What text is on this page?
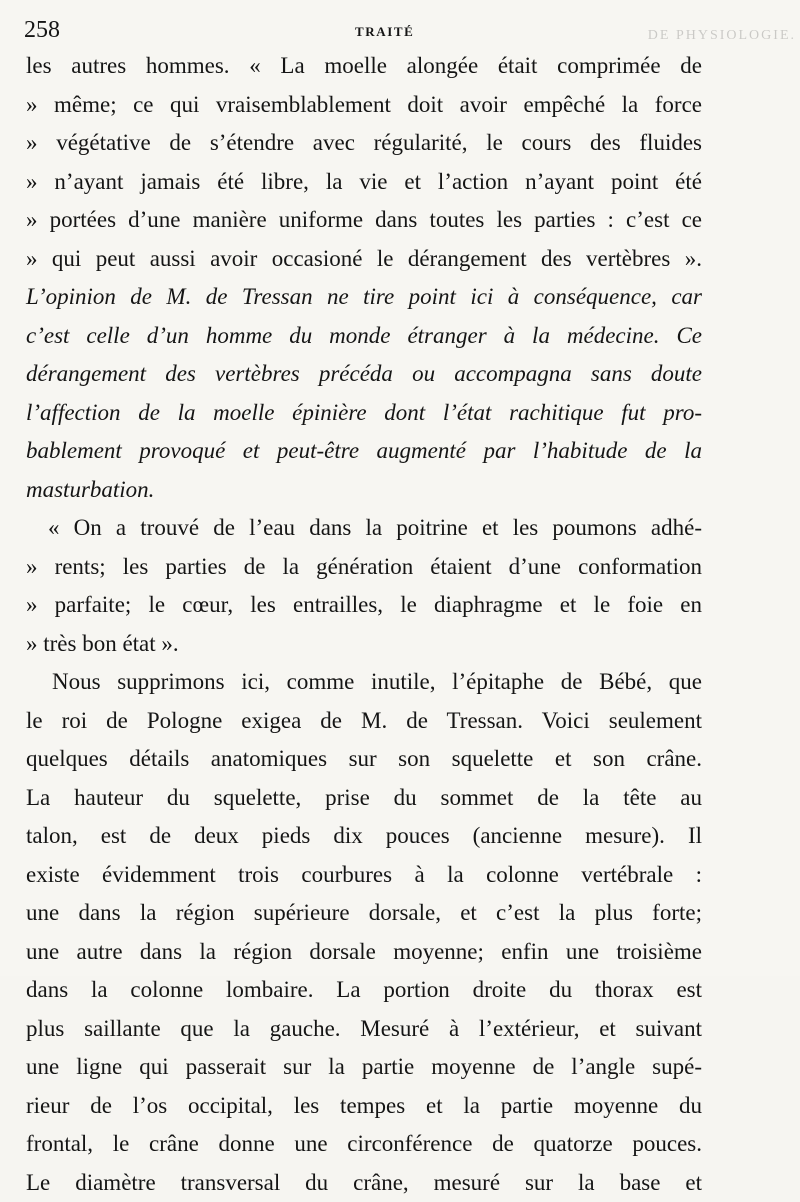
DE PHYSIOLOGIE.
258	TRAITÉ
les autres hommes. « La moelle alongée était comprimée de
» même; ce qui vraisemblablement doit avoir empêché la force
» végétative de s’étendre avec régularité, le cours des fluides
» n’ayant jamais été libre, la vie et l’action n’ayant point été
» portées d’une manière uniforme dans toutes les parties : c’est ce
» qui peut aussi avoir occasioné le dérangement des vertèbres ».
L’opinion de M. de Tressan ne tire point ici à conséquence, car
c’est celle d’un homme du monde étranger à la médecine. Ce
dérangement des vertèbres précéda ou accompagna sans doute
l’affection de la moelle épinière dont l’état rachitique fut pro-
bablement provoqué et peut-être augmenté par l’habitude de la
masturbation.
« On a trouvé de l’eau dans la poitrine et les poumons adhé-
» rents; les parties de la génération étaient d’une conformation
» parfaite; le cœur, les entrailles, le diaphragme et le foie en
» très bon état ».
Nous supprimons ici, comme inutile, l’épitaphe de Bébé, que
le roi de Pologne exigea de M. de Tressan. Voici seulement
quelques détails anatomiques sur son squelette et son crâne.
La hauteur du squelette, prise du sommet de la tête au
talon, est de deux pieds dix pouces (ancienne mesure). Il
existe évidemment trois courbures à la colonne vertébrale :
une dans la région supérieure dorsale, et c’est la plus forte;
une autre dans la région dorsale moyenne; enfin une troisième
dans la colonne lombaire. La portion droite du thorax est
plus saillante que la gauche. Mesuré à l’extérieur, et suivant
une ligne qui passerait sur la partie moyenne de l’angle supé-
rieur de l’os occipital, les tempes et la partie moyenne du
frontal, le crâne donne une circonférence de quatorze pouces.
Le diamètre transversal du crâne, mesuré sur la base et
